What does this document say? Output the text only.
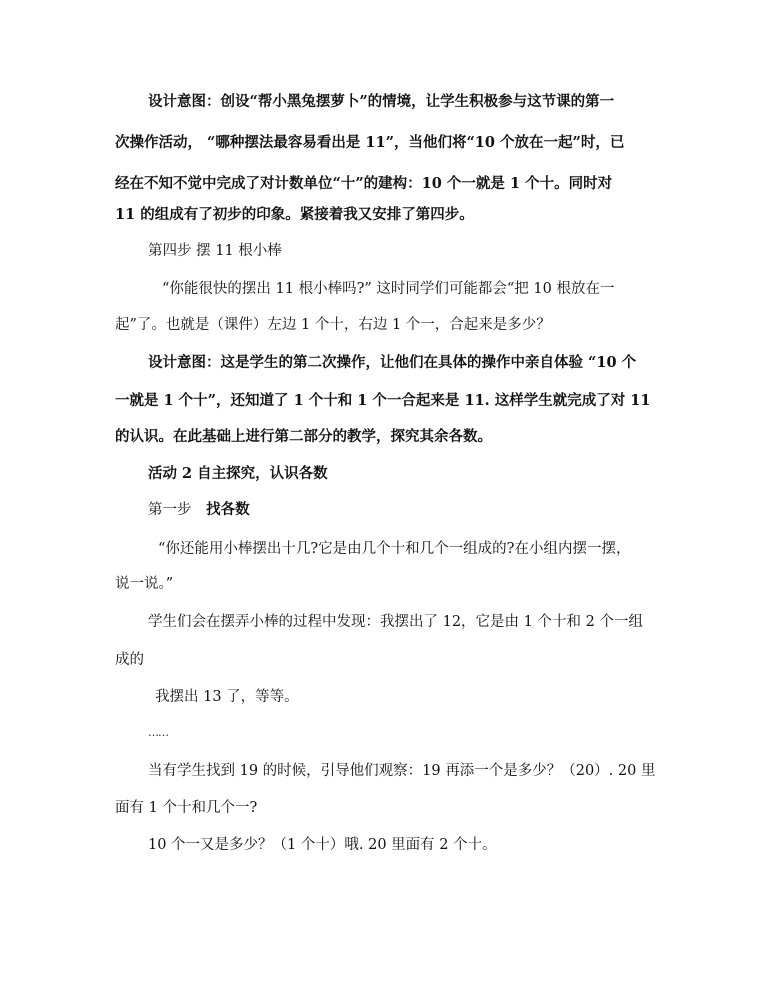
设计意图：创设“帮小黑兔摆萝卜”的情境，让学生积极参与这节课的第一
次操作活动， “哪种摆法最容易看出是 11”，当他们将“10 个放在一起”时，已
经在不知不觉中完成了对计数单位“十”的建构：10 个一就是 1 个十。同时对
11 的组成有了初步的印象。紧接着我又安排了第四步。
第四步 摆 11 根小棒
“你能很快的摆出 11 根小棒吗?” 这时同学们可能都会“把 10 根放在一
起”了。也就是（课件）左边 1 个十，右边 1 个一，合起来是多少？
设计意图：这是学生的第二次操作，让他们在具体的操作中亲自体验 “10 个
一就是 1 个十”，还知道了 1 个十和 1 个一合起来是 11. 这样学生就完成了对 11
的认识。在此基础上进行第二部分的教学，探究其余各数。
活动 2 自主探究，认识各数
第一步 找各数
“你还能用小棒摆出十几?它是由几个十和几个一组成的?在小组内摆一摆，
说一说。”
学生们会在摆弄小棒的过程中发现：我摆出了 12，它是由 1 个十和 2 个一组
成的
我摆出 13 了，等等。
……
当有学生找到 19 的时候，引导他们观察：19 再添一个是多少？（20）. 20 里
面有 1 个十和几个一?
10 个一又是多少？（1 个十）哦. 20 里面有 2 个十。
